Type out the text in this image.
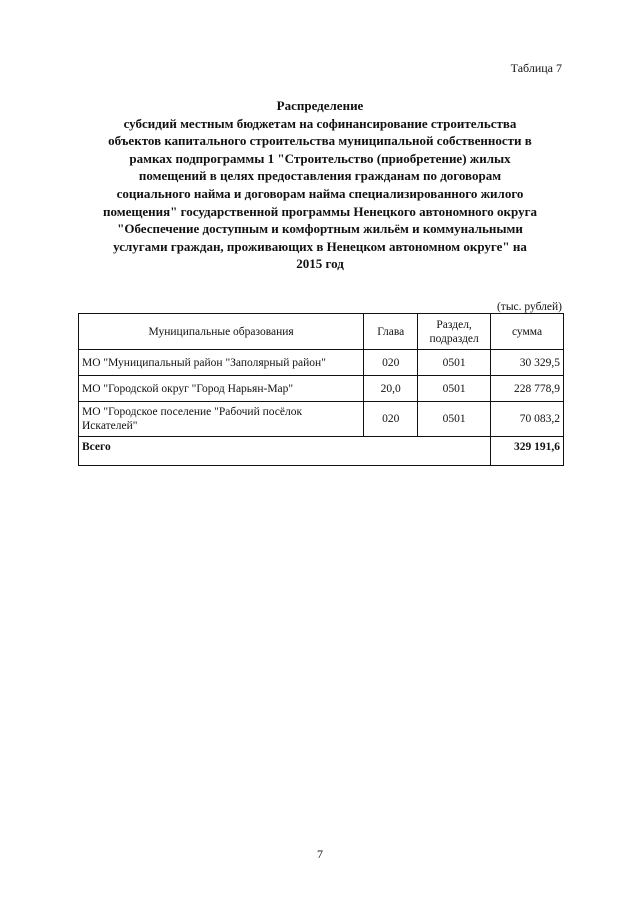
Таблица 7
Распределение
субсидий местным бюджетам на софинансирование строительства
объектов капитального строительства муниципальной собственности в
рамках подпрограммы 1 "Строительство (приобретение) жилых
помещений в целях предоставления гражданам по договорам
социального найма и договорам найма специализированного жилого
помещения" государственной программы Ненецкого автономного округа
"Обеспечение доступным и комфортным жильём и коммунальными
услугами граждан, проживающих в Ненецком автономном округе" на
2015 год
(тыс. рублей)
Муниципальные образования	Глава	Раздел, подраздел	сумма
МО "Муниципальный район "Заполярный район"	020	0501	30 329,5
МО "Городской округ "Город Нарьян-Мар"	20,0	0501	228 778,9
МО "Городское поселение "Рабочий посёлок Искателей"	020	0501	70 083,2
Всего			329 191,6
7
